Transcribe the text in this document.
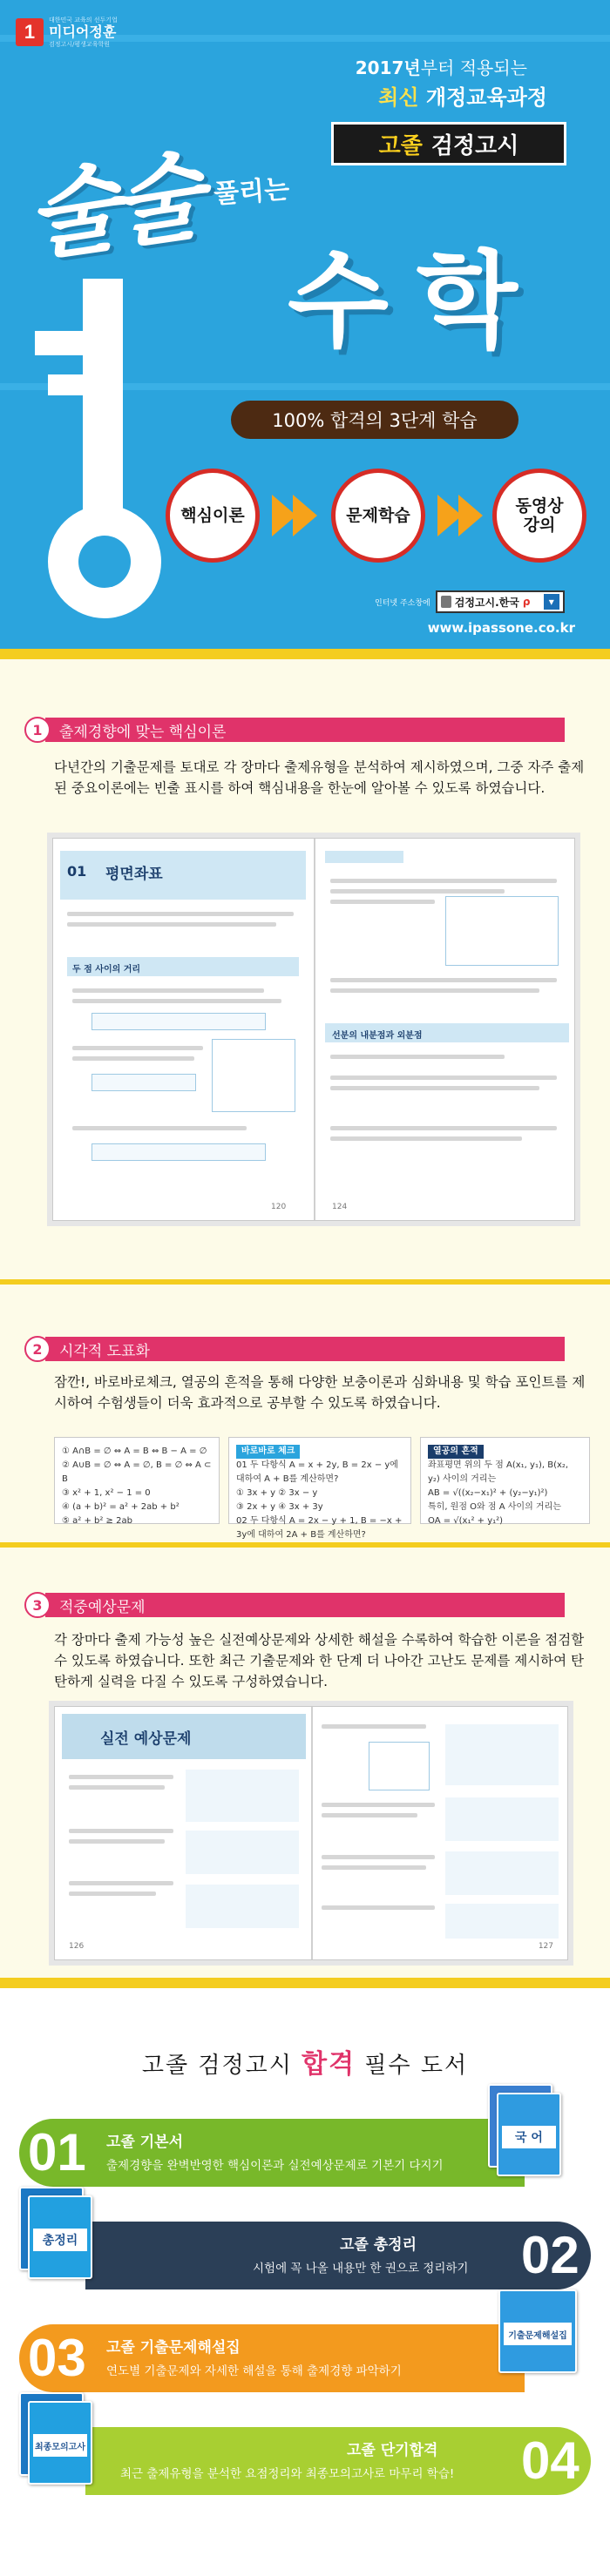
1
대한민국 교육의 선두기업
미디어정훈
검정고시/평생교육학원
2017년부터 적용되는
최신 개정교육과정
고졸 검정고시
술술 풀리는
수학
100% 합격의 3단계 학습
핵심이론	문제학습	동영상
강의
인터넷 주소창에 검정고시.한국 ρ	▾
www.ipassone.co.kr
1	출제경향에 맞는 핵심이론
다년간의 기출문제를 토대로 각 장마다 출제유형을 분석하여 제시하였으며, 그중 자주 출제된 중요이론에는 빈출 표시를 하여 핵심내용을 한눈에 알아볼 수 있도록 하였습니다.
01 평면좌표
두 점 사이의 거리
120
선분의 내분점과 외분점
124
2	시각적 도표화
잠깐!, 바로바로체크, 열공의 흔적을 통해 다양한 보충이론과 심화내용 및 학습 포인트를 제시하여 수험생들이 더욱 효과적으로 공부할 수 있도록 하였습니다.
① A∩B = ∅ ⇔ A = B ⇔ B − A = ∅
② A∪B = ∅ ⇔ A = ∅, B = ∅ ⇔ A ⊂ B
③ x² + 1, x² − 1 = 0
④ (a + b)² = a² + 2ab + b²
⑤ a² + b² ≥ 2ab
바로바로 체크
01 두 다항식 A = x + 2y, B = 2x − y에 대하여 A + B를 계산하면?
① 3x + y ② 3x − y
③ 2x + y ④ 3x + 3y
02 두 다항식 A = 2x − y + 1, B = −x + 3y에 대하여 2A + B를 계산하면?
열공의 흔적
좌표평면 위의 두 점 A(x₁, y₁), B(x₂, y₂) 사이의 거리는
AB = √((x₂−x₁)² + (y₂−y₁)²)
특히, 원점 O와 점 A 사이의 거리는
OA = √(x₁² + y₁²)
3	적중예상문제
각 장마다 출제 가능성 높은 실전예상문제와 상세한 해설을 수록하여 학습한 이론을 점검할 수 있도록 하였습니다. 또한 최근 기출문제와 한 단계 더 나아간 고난도 문제를 제시하여 탄탄하게 실력을 다질 수 있도록 구성하였습니다.
실전 예상문제
126	127
고졸 검정고시 합격 필수 도서
01 고졸 기본서
출제경향을 완벽반영한 핵심이론과 실전예상문제로 기본기 다지기
국 어
고졸 총정리
시험에 꼭 나올 내용만 한 권으로 정리하기 02
총정리
03 고졸 기출문제해설집
연도별 기출문제와 자세한 해설을 통해 출제경향 파악하기
기출문제해설집
고졸 단기합격
최근 출제유형을 분석한 요점정리와 최종모의고사로 마무리 학습! 04
최종모의고사
